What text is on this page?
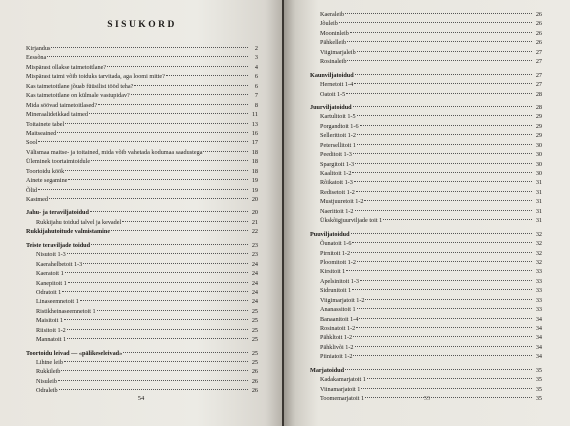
SISUKORD
Kirjandus	2
Eessõna	3
Mispärast ollakse taimetoitlane?	4
Mispärast taimi võib toiduks tarvitada, aga loomi mitte?	6
Kas taimetoitlane jõuab füüsilist tööd teha?	6
Kas taimetoitlane on külmale vastupidav?	7
Mida söövad taimetoitlased?	8
Mineraalideikkad taimed	11
Toitainete tabel	13
Maitseained	16
Sool	17
Välismaa maitse- ja toitained, mida võib vahetada kodumaa saadustega	18
Üleminek toortaimtoidule	18
Toortoidu köök	18
Ainete segamine	19
Õlid	19
Kastmed	20
Jahu- ja teraviljatoidud	20
Rukkijahu toidud talvel ja kevadel	21
Rukkijahutoitude valmistamine	22
Teiste teraviljade toidud	23
Nisutoit 1-3	23
Kaerahelbetoit 1-3	24
Kaeratoit 1	24
Kanepitoit 1	24
Odratoit 1	24
Linaseemnetoit 1	24
Ristikheinaseemnetoit 1	25
Maisitoit 1	25
Riisitoit 1-2	25
Mannatoit 1	25
Toortoidu leivad — «pälikeseleivad»	25
Lihtne leib	25
Rukkileib	26
Nisuleib	26
Odraleib	26
54
Kaeraleib	26
Jõuleib	26
Mooninleib	26
Pähkelleib	26
Viigimarjaleib	27
Rosinaleib	27
Kaunviljatoidud	27
Hernetoit 1-4	27
Oatoit 1-5	28
Juurviljatoidud	28
Kartulitoit 1-5	29
Porgandtoit 1-6	29
Sellerittoit 1-2	29
Petersellitoit 1	30
Peeditoit 1-3	30
Spargitoit 1-3	30
Kaalitoit 1-2	30
Rõikatoit 1-3	31
Redisetoit 1-2	31
Mustjuuretoit 1-2	31
Naerittoit 1-2	31
Ükskõigjuurviljade toit 1	31
Puuviljatoidud	32
Õunatoit 1-6	32
Pirnitoit 1-2	32
Ploomitoit 1-2	32
Kirsitoit 1	33
Apelsinitoit 1-3	33
Sidrunitoit 1	33
Viigimarjatoit 1-2	33
Ananassitoit 1	33
Banaanitoit 1-4	34
Rosinatoit 1-2	34
Pähkltoit 1-2	34
Pähklivõi 1-2	34
Piiniatoit 1-2	34
Marjatoidud	35
Kadakamarjatoit 1	35
Viinamarjatoit 1	35
Toomemarjatoit 1	35
55
